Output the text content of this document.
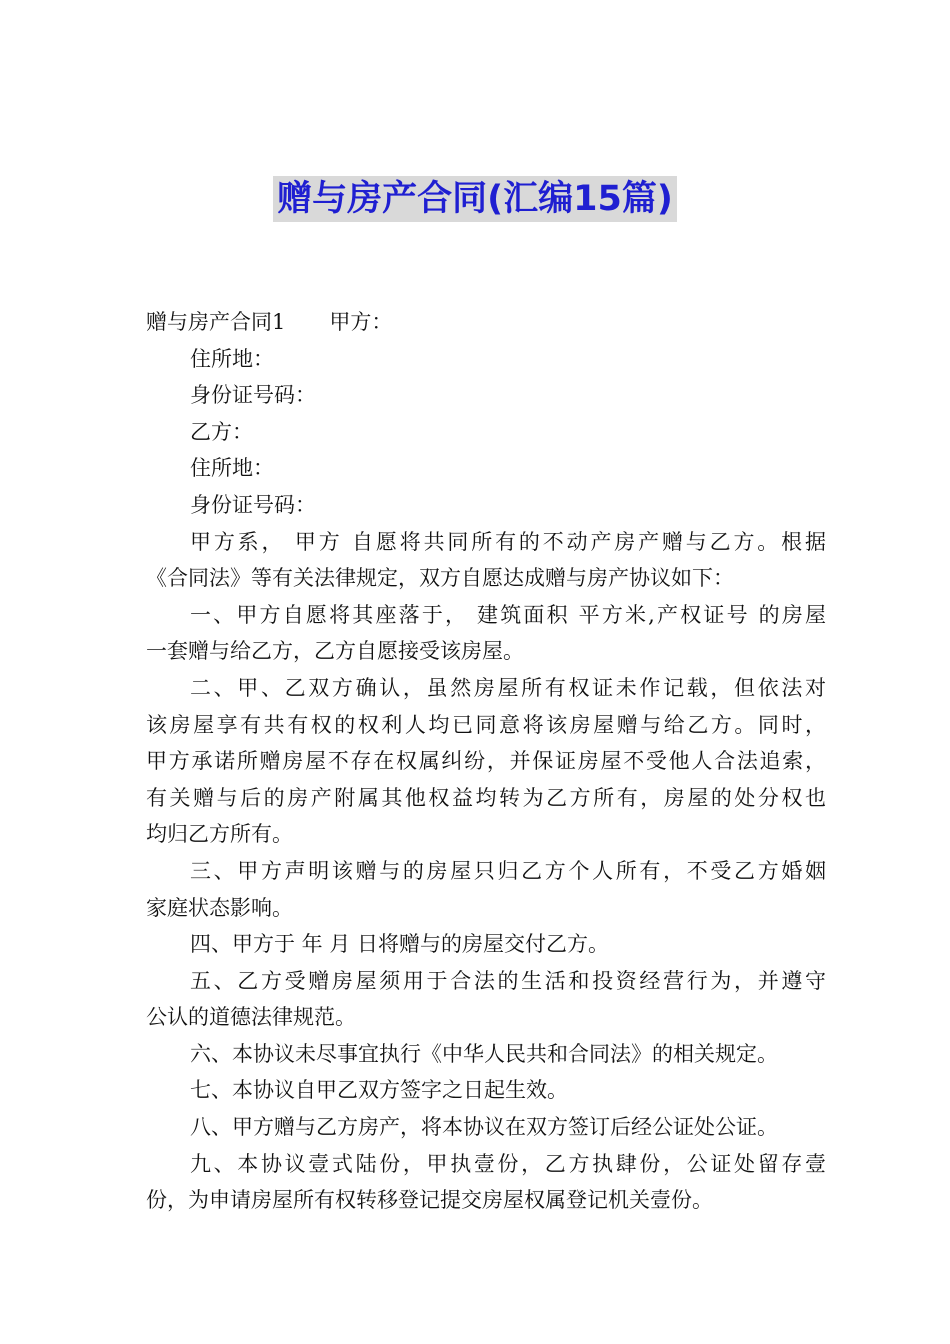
赠与房产合同(汇编15篇)
赠与房产合同1 甲方：
住所地：
身份证号码：
乙方：
住所地：
身份证号码：
甲方系， 甲方 自愿将共同所有的不动产房产赠与乙方。根据
《合同法》等有关法律规定，双方自愿达成赠与房产协议如下：
一、甲方自愿将其座落于， 建筑面积 平方米,产权证号 的房屋
一套赠与给乙方，乙方自愿接受该房屋。
二、甲、乙双方确认，虽然房屋所有权证未作记载，但依法对
该房屋享有共有权的权利人均已同意将该房屋赠与给乙方。同时，
甲方承诺所赠房屋不存在权属纠纷，并保证房屋不受他人合法追索，
有关赠与后的房产附属其他权益均转为乙方所有，房屋的处分权也
均归乙方所有。
三、甲方声明该赠与的房屋只归乙方个人所有，不受乙方婚姻
家庭状态影响。
四、甲方于 年 月 日将赠与的房屋交付乙方。
五、乙方受赠房屋须用于合法的生活和投资经营行为，并遵守
公认的道德法律规范。
六、本协议未尽事宜执行《中华人民共和合同法》的相关规定。
七、本协议自甲乙双方签字之日起生效。
八、甲方赠与乙方房产，将本协议在双方签订后经公证处公证。
九、本协议壹式陆份，甲执壹份，乙方执肆份，公证处留存壹
份，为申请房屋所有权转移登记提交房屋权属登记机关壹份。
